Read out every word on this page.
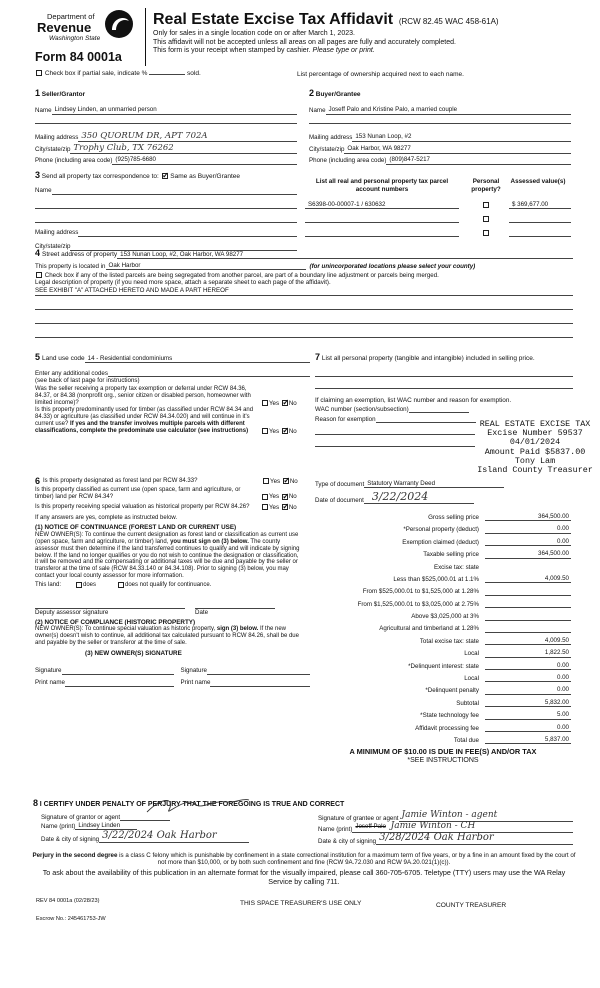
Department of
Revenue
Washington State
Form 84 0001a
Real Estate Excise Tax Affidavit (RCW 82.45 WAC 458-61A)
Only for sales in a single location code on or after March 1, 2023.
This affidavit will not be accepted unless all areas on all pages are fully and accurately completed.
This form is your receipt when stamped by cashier. Please type or print.
Check box if partial sale, indicate %	sold.	List percentage of ownership acquired next to each name.
1 Seller/Grantor
Name Lindsey Linden, an unmarried person
Mailing address 350 QUORUM DR, APT 702A
City/state/zip Trophy Club, TX 76262
Phone (including area code) (925)785-6680
2 Buyer/Grantee
Name Joseff Palo and Kristine Palo, a married couple
Mailing address 153 Nunan Loop, #2
City/state/zip Oak Harbor, WA 98277
Phone (including area code) (809)847-5217
3 Send all property tax correspondence to: ✓ Same as Buyer/Grantee
Name
Mailing address
City/state/zip
List all real and personal property tax parcel account numbers
Personal property?
Assessed value(s)
S6398-00-00007-1 / 630632	$ 369,677.00
4 Street address of property 153 Nunan Loop, #2, Oak Harbor, WA 98277
This property is located in Oak Harbor	(for unincorporated locations please select your county)
Check box if any of the listed parcels are being segregated from another parcel, are part of a boundary line adjustment or parcels being merged.
Legal description of property (if you need more space, attach a separate sheet to each page of the affidavit).
SEE EXHIBIT "A" ATTACHED HERETO AND MADE A PART HEREOF
5 Land use code 14 - Residential condominiums
Enter any additional codes
(see back of last page for instructions)
Was the seller receiving a property tax exemption or deferral under RCW 84.36, 84.37, or 84.38 (nonprofit org., senior citizen or disabled person, homeowner with limited income)?	Yes ✓ No
Is this property predominantly used for timber (as classified under RCW 84.34 and 84.33) or agriculture (as classified under RCW 84.34.020) and will continue in it's current use? If yes and the transfer involves multiple parcels with different classifications, complete the predominate use calculator (see instructions)	Yes ✓ No
6 Is this property designated as forest land per RCW 84.33?	Yes ✓ No
Is this property classified as current use (open space, farm and agriculture, or timber) land per RCW 84.34?	Yes ✓ No
Is this property receiving special valuation as historical property per RCW 84.26?	Yes ✓ No
If any answers are yes, complete as instructed below.
(1) NOTICE OF CONTINUANCE (FOREST LAND OR CURRENT USE)
NEW OWNER(S): To continue the current designation as forest land or classification as current use (open space, farm and agriculture, or timber) land, you must sign on (3) below. The county assessor must then determine if the land transferred continues to qualify and will indicate by signing below. If the land no longer qualifies or you do not wish to continue the designation or classification, it will be removed and the compensating or additional taxes will be due and payable by the seller or transferor at the time of sale (RCW 84.33.140 or 84.34.108). Prior to signing (3) below, you may contact your local county assessor for more information.
This land:	does	does not qualify for continuance.
Deputy assessor signature	Date
(2) NOTICE OF COMPLIANCE (HISTORIC PROPERTY)
NEW OWNER(S): To continue special valuation as historic property, sign (3) below. If the new owner(s) doesn't wish to continue, all additional tax calculated pursuant to RCW 84.26, shall be due and payable by the seller or transferor at the time of sale.
(3) NEW OWNER(S) SIGNATURE
Signature	Signature
Print name	Print name
7 List all personal property (tangible and intangible) included in selling price.
If claiming an exemption, list WAC number and reason for exemption.
WAC number (section/subsection)
Reason for exemption	REAL ESTATE EXCISE TAX
Excise Number 59537
04/01/2024
Amount Paid $5837.00
Tony Lam
Island County Treasurer
Type of document Statutory Warranty Deed
Date of document 3/22/2024
Gross selling price	364,500.00
*Personal property (deduct)	0.00
Exemption claimed (deduct)	0.00
Taxable selling price	364,500.00
Excise tax: state
Less than $525,000.01 at 1.1%	4,009.50
From $525,000.01 to $1,525,000 at 1.28%
From $1,525,000.01 to $3,025,000 at 2.75%
Above $3,025,000 at 3%
Agricultural and timberland at 1.28%
Total excise tax: state	4,009.50
Local	1,822.50
*Delinquent interest: state	0.00
Local	0.00
*Delinquent penalty	0.00
Subtotal	5,832.00
*State technology fee	5.00
Affidavit processing fee	0.00
Total due	5,837.00
A MINIMUM OF $10.00 IS DUE IN FEE(S) AND/OR TAX
*SEE INSTRUCTIONS
8 I CERTIFY UNDER PENALTY OF PERJURY THAT THE FOREGOING IS TRUE AND CORRECT
Signature of grantor or agent
Name (print) Lindsey Linden
Date & city of signing 3/22/2024 Oak Harbor
Signature of grantee or agent Jamie Winton - agent
Name (print) Joseff Palo Jamie Winton - CH
Date & city of signing 3/28/2024 Oak Harbor
Perjury in the second degree is a class C felony which is punishable by confinement in a state correctional institution for a maximum term of five years, or by a fine in an amount fixed by the court of not more than $10,000, or by both such confinement and fine (RCW 9A.72.030 and RCW 9A.20.021(1)(c)).
To ask about the availability of this publication in an alternate format for the visually impaired, please call 360-705-6705. Teletype (TTY) users may use the WA Relay Service by calling 711.
REV 84 0001a (02/28/23)	THIS SPACE TREASURER'S USE ONLY	COUNTY TREASURER
Escrow No.: 245461753-JW
